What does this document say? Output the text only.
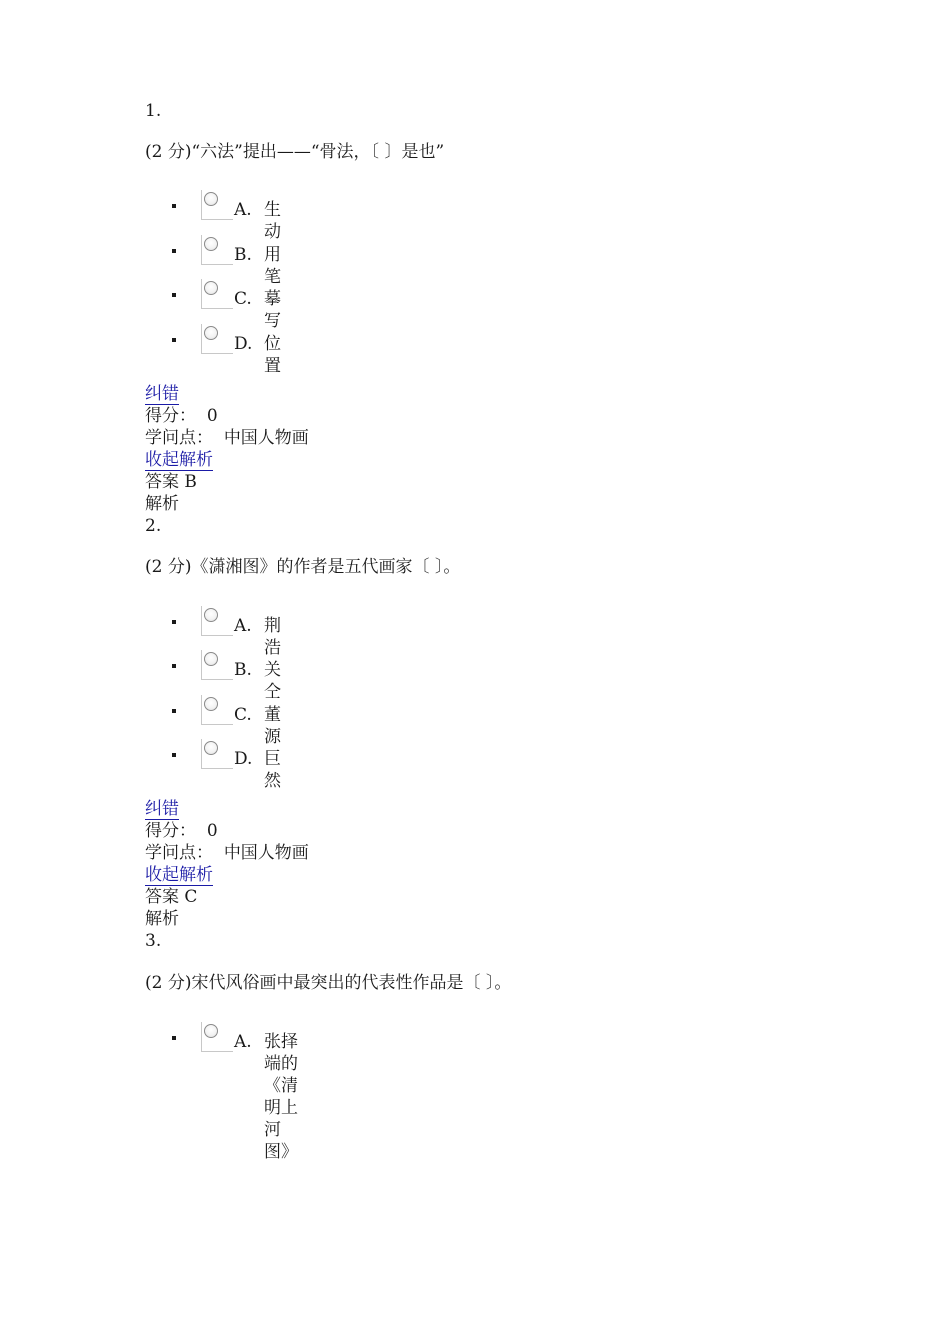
1.
(2 分)“六法”提出——“骨法，〔 〕是也”
A. 生动
B. 用笔
C. 摹写
D. 位置
纠错
得分： 0
学问点： 中国人物画
收起解析
答案 B
解析
2.
(2 分)《潇湘图》的作者是五代画家〔 〕。
A. 荆浩
B. 关仝
C. 董源
D. 巨然
纠错
得分： 0
学问点： 中国人物画
收起解析
答案 C
解析
3.
(2 分)宋代风俗画中最突出的代表性作品是〔 〕。
A. 张择端的《清明上河图》
